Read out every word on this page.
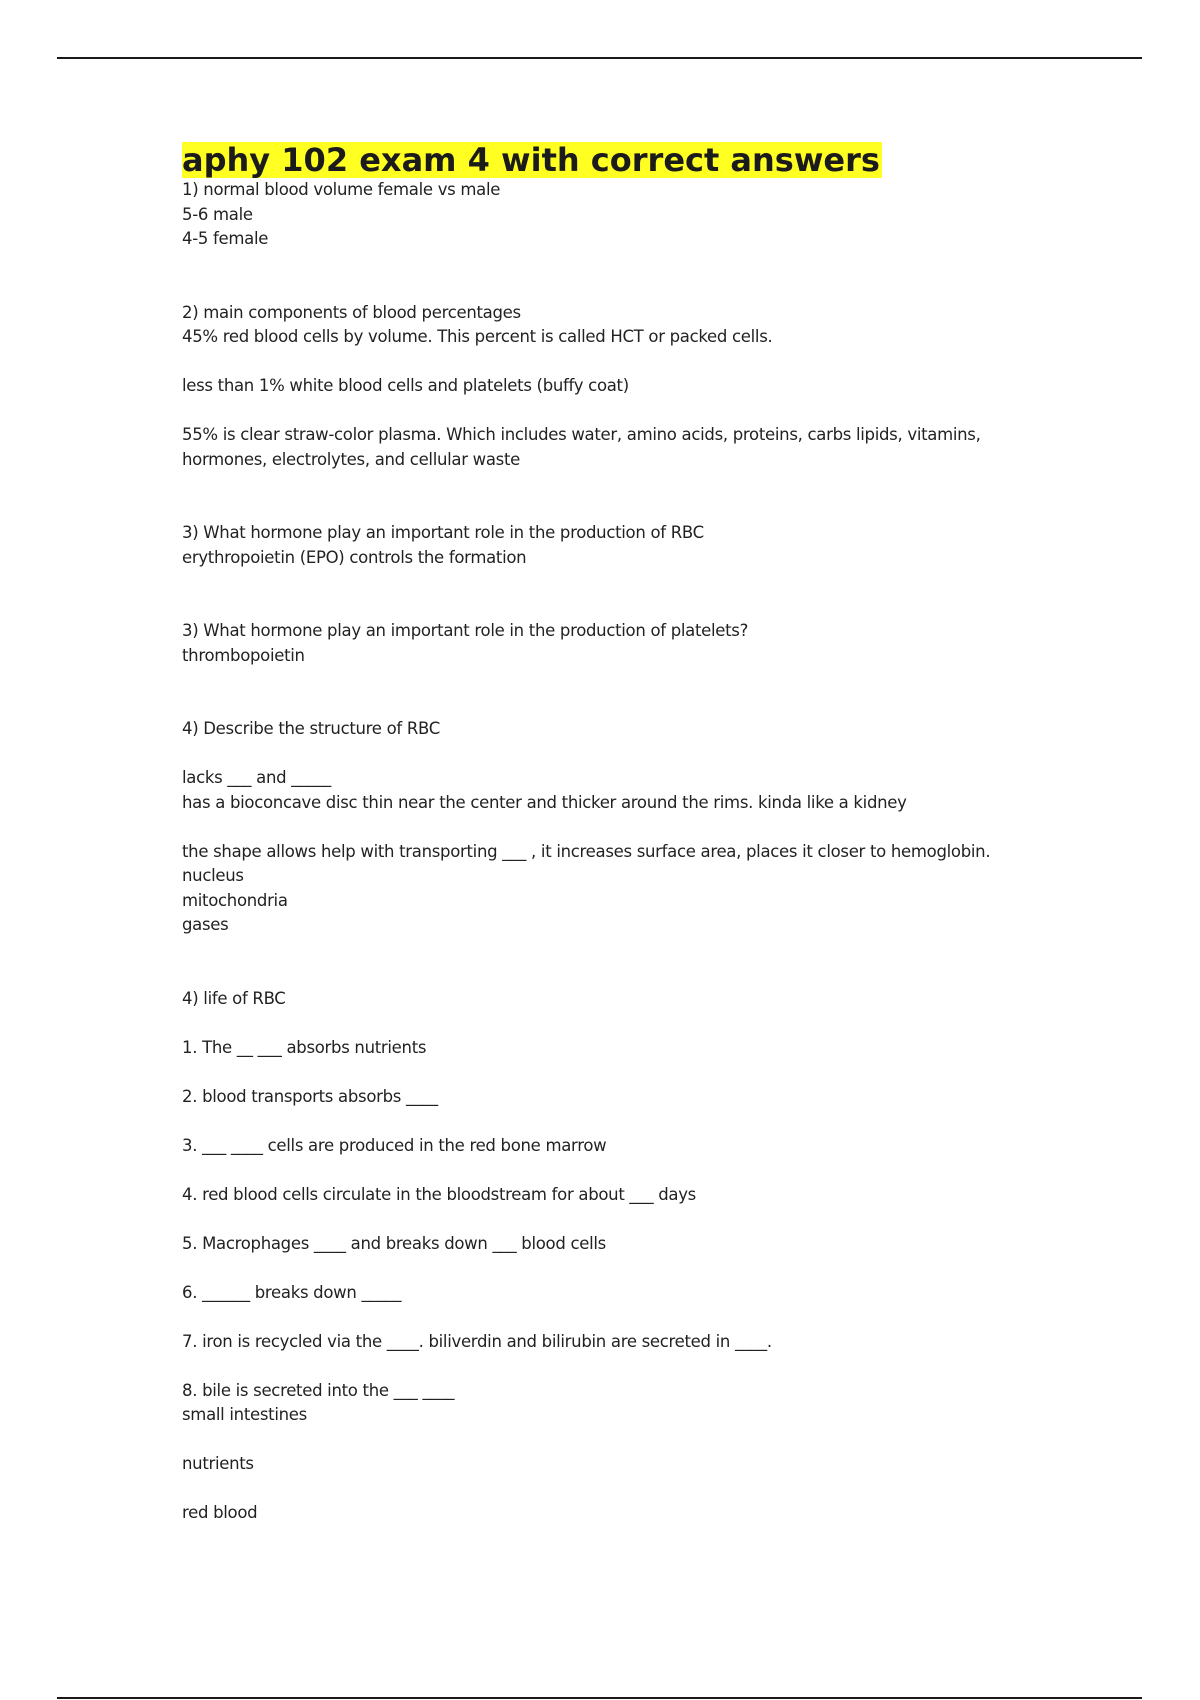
aphy 102 exam 4 with correct answers

1) normal blood volume female vs male

5-6 male

4-5 female

2) main components of blood percentages

45% red blood cells by volume. This percent is called HCT or packed cells.

less than 1% white blood cells and platelets (buffy coat)

55% is clear straw-color plasma. Which includes water, amino acids, proteins, carbs lipids, vitamins,

hormones, electrolytes, and cellular waste

3) What hormone play an important role in the production of RBC

erythropoietin (EPO) controls the formation

3) What hormone play an important role in the production of platelets?

thrombopoietin

4) Describe the structure of RBC

lacks ___ and _____

has a bioconcave disc thin near the center and thicker around the rims. kinda like a kidney

the shape allows help with transporting ___ , it increases surface area, places it closer to hemoglobin.

nucleus

mitochondria

gases

4) life of RBC

1. The __ ___ absorbs nutrients

2. blood transports absorbs ____

3. ___ ____ cells are produced in the red bone marrow

4. red blood cells circulate in the bloodstream for about ___ days

5. Macrophages ____ and breaks down ___ blood cells

6. ______ breaks down _____

7. iron is recycled via the ____. biliverdin and bilirubin are secreted in ____.

8. bile is secreted into the ___ ____

small intestines

nutrients

red blood
